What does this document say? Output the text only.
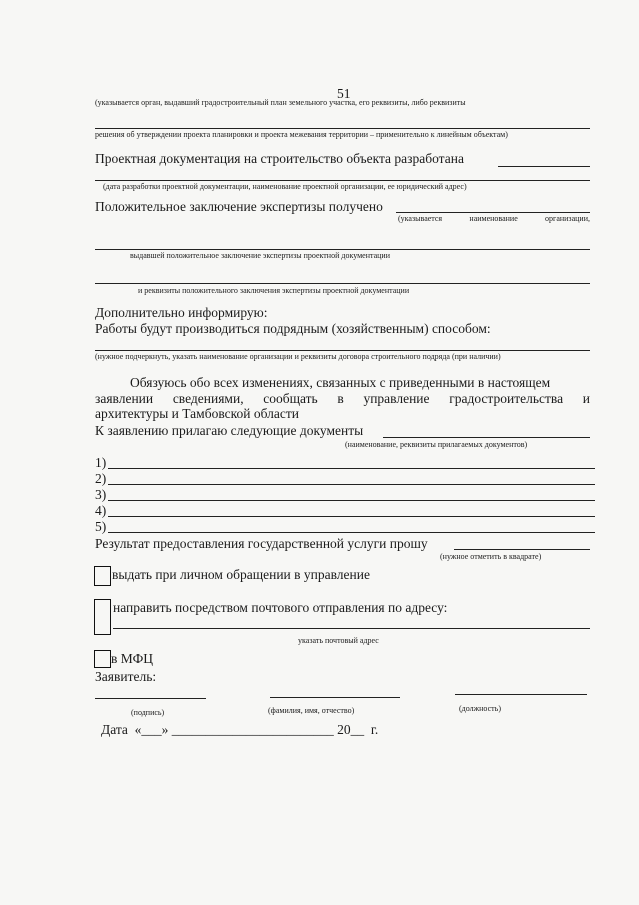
51
(указывается орган, выдавший градостроительный план земельного участка, его реквизиты, либо реквизиты
решения об утверждении проекта планировки и проекта межевания территории – применительно к линейным объектам)
Проектная документация на строительство объекта разработана
(дата разработки проектной документации, наименование проектной организации, ее юридический адрес)
Положительное заключение экспертизы получено
(указывается	наименование	организации,
выдавшей положительное заключение экспертизы проектной документации
и реквизиты положительного заключения экспертизы проектной документации
Дополнительно информирую:
Работы будут производиться подрядным (хозяйственным) способом:
(нужное подчеркнуть, указать наименование организации и реквизиты договора строительного подряда (при наличии)
Обязуюсь обо всех изменениях, связанных с приведенными в настоящем
заявлении сведениями, сообщать в управление градостроительства и
архитектуры и Тамбовской области
К заявлению прилагаю следующие документы
(наименование, реквизиты прилагаемых документов)
1)
2)
3)
4)
5)
Результат предоставления государственной услуги прошу
(нужное отметить в квадрате)
выдать при личном обращении в управление
направить посредством почтового отправления по адресу:
указать почтовый адрес
в МФЦ
Заявитель:
(подпись)	(фамилия, имя, отчество)	(должность)
Дата «___» ________________________ 20__ г.
